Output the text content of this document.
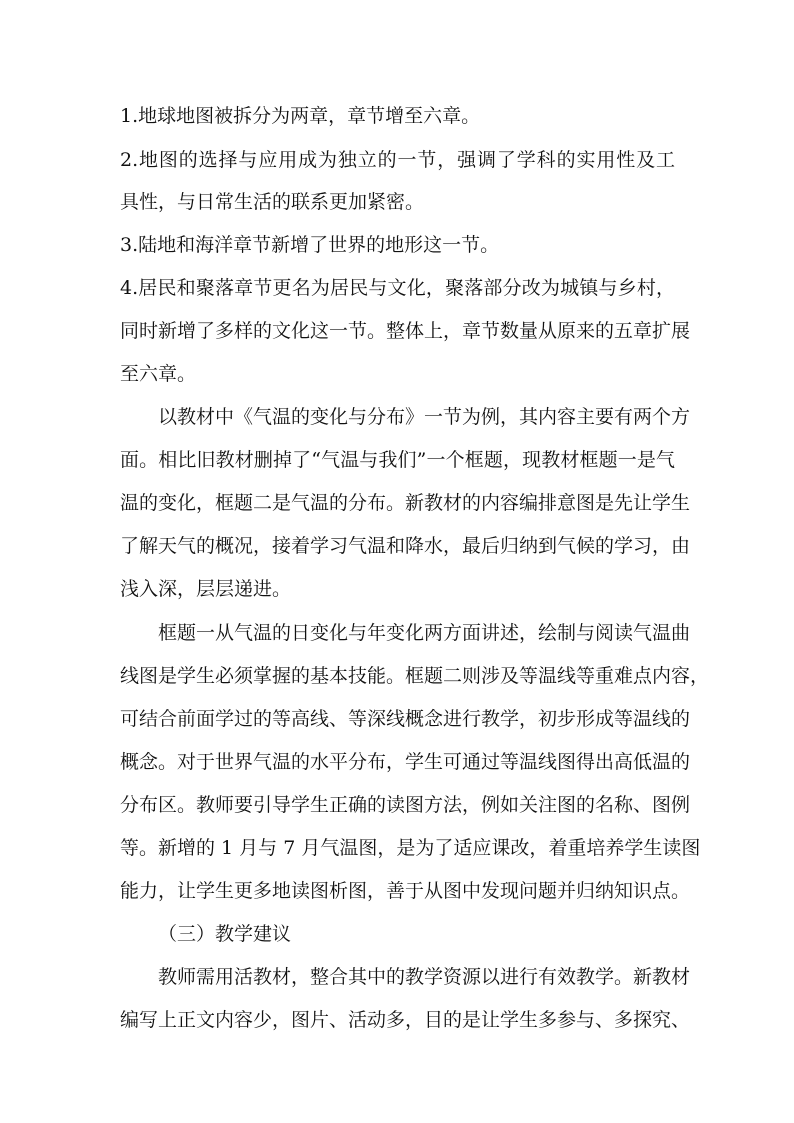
1.地球地图被拆分为两章，章节增至六章。
2.地图的选择与应用成为独立的一节，强调了学科的实用性及工
具性，与日常生活的联系更加紧密。
3.陆地和海洋章节新增了世界的地形这一节。
4.居民和聚落章节更名为居民与文化，聚落部分改为城镇与乡村，
同时新增了多样的文化这一节。整体上，章节数量从原来的五章扩展
至六章。
以教材中《气温的变化与分布》一节为例，其内容主要有两个方
面。相比旧教材删掉了“气温与我们”一个框题，现教材框题一是气
温的变化，框题二是气温的分布。新教材的内容编排意图是先让学生
了解天气的概况，接着学习气温和降水，最后归纳到气候的学习，由
浅入深，层层递进。
框题一从气温的日变化与年变化两方面讲述，绘制与阅读气温曲
线图是学生必须掌握的基本技能。框题二则涉及等温线等重难点内容，
可结合前面学过的等高线、等深线概念进行教学，初步形成等温线的
概念。对于世界气温的水平分布，学生可通过等温线图得出高低温的
分布区。教师要引导学生正确的读图方法，例如关注图的名称、图例
等。新增的 1 月与 7 月气温图，是为了适应课改，着重培养学生读图
能力，让学生更多地读图析图，善于从图中发现问题并归纳知识点。
（三）教学建议
教师需用活教材，整合其中的教学资源以进行有效教学。新教材
编写上正文内容少，图片、活动多，目的是让学生多参与、多探究、
